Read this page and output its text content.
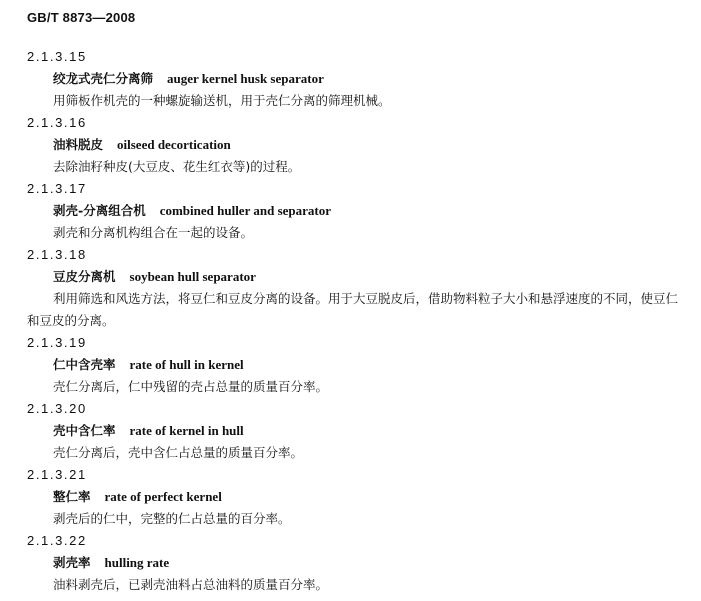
GB/T 8873—2008
2.1.3.15
绞龙式壳仁分离筛 auger kernel husk separator
用筛板作机壳的一种螺旋输送机，用于壳仁分离的筛理机械。
2.1.3.16
油料脱皮 oilseed decortication
去除油籽种皮(大豆皮、花生红衣等)的过程。
2.1.3.17
剥壳-分离组合机 combined huller and separator
剥壳和分离机构组合在一起的设备。
2.1.3.18
豆皮分离机 soybean hull separator
利用筛选和风选方法，将豆仁和豆皮分离的设备。用于大豆脱皮后，借助物料粒子大小和悬浮速度的不同，使豆仁和豆皮的分离。
2.1.3.19
仁中含壳率 rate of hull in kernel
壳仁分离后，仁中残留的壳占总量的质量百分率。
2.1.3.20
壳中含仁率 rate of kernel in hull
壳仁分离后，壳中含仁占总量的质量百分率。
2.1.3.21
整仁率 rate of perfect kernel
剥壳后的仁中，完整的仁占总量的百分率。
2.1.3.22
剥壳率 hulling rate
油料剥壳后，已剥壳油料占总油料的质量百分率。
